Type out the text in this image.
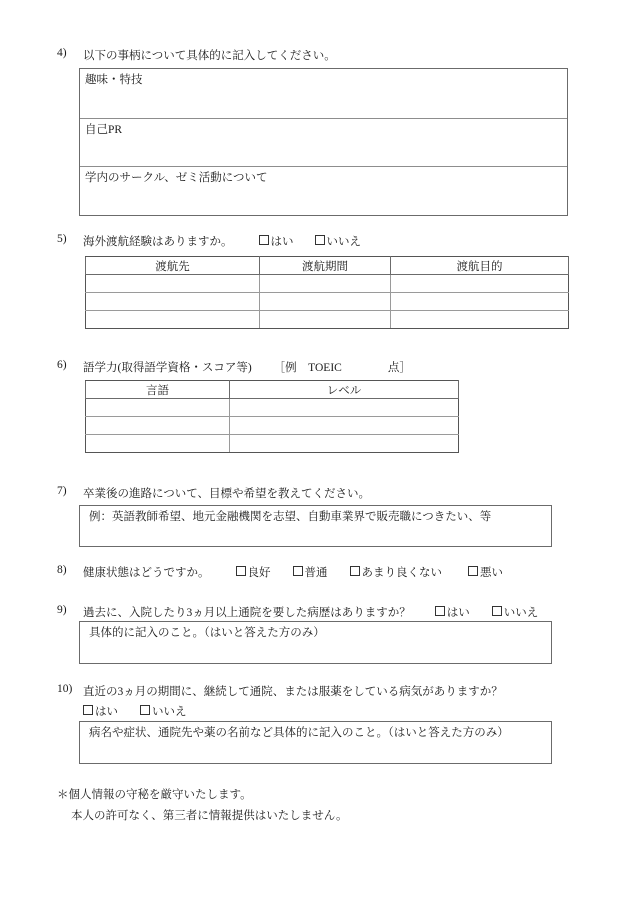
4)	以下の事柄について具体的に記入してください。
趣味・特技
自己PR
学内のサークル、ゼミ活動について
5)	海外渡航経験はありますか。	はい	いいえ
渡航先	渡航期間	渡航目的

6)	語学力(取得語学資格・スコア等) ［例　TOEIC　　　　点］
言語	レベル

7)	卒業後の進路について、目標や希望を教えてください。
例：英語教師希望、地元金融機関を志望、自動車業界で販売職につきたい、等
8)	健康状態はどうですか。	良好	普通	あまり良くない	悪い
9)	過去に、入院したり3ヵ月以上通院を要した病歴はありますか？	はい	いいえ
具体的に記入のこと。（はいと答えた方のみ）
10) 直近の3ヵ月の期間に、継続して通院、または服薬をしている病気がありますか？
はい	いいえ
病名や症状、通院先や薬の名前など具体的に記入のこと。（はいと答えた方のみ）
＊個人情報の守秘を厳守いたします。
本人の許可なく、第三者に情報提供はいたしません。
